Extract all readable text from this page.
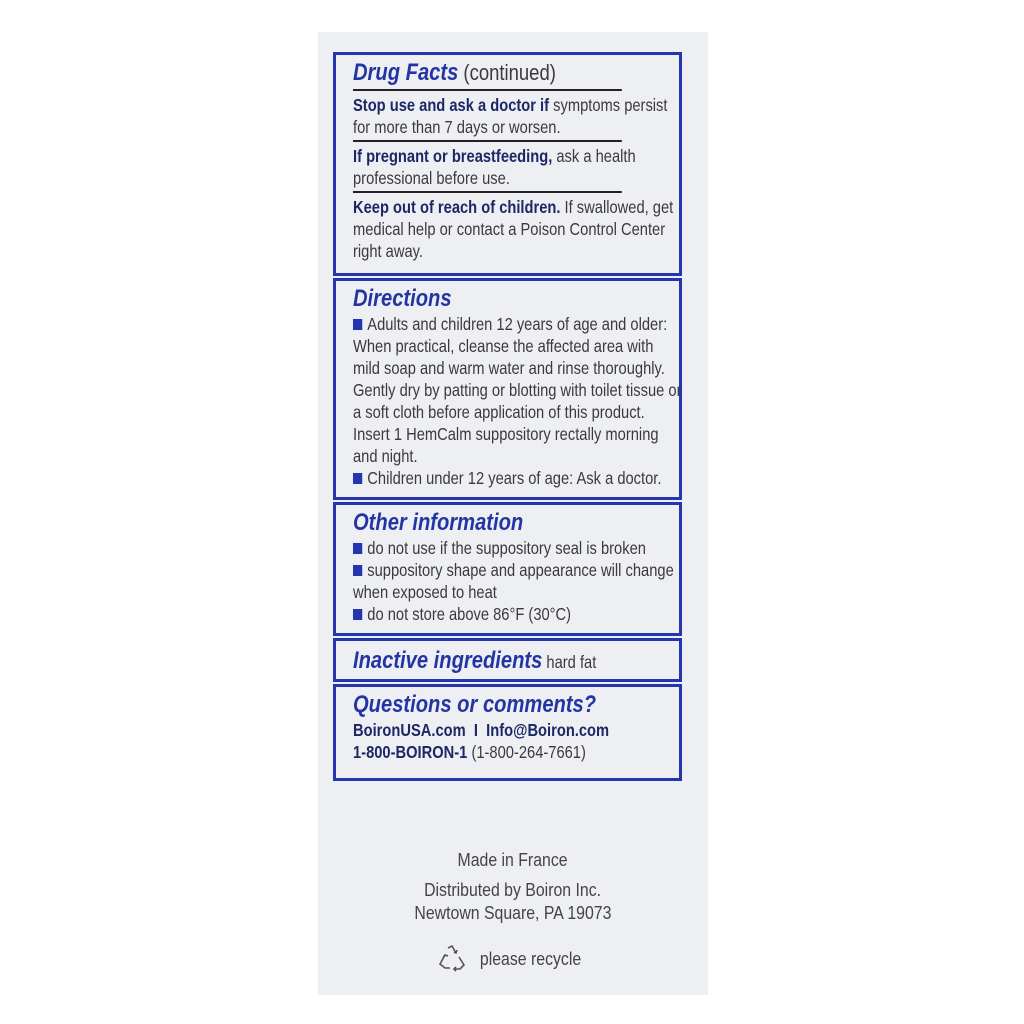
Drug Facts (continued)
Stop use and ask a doctor if symptoms persist for more than 7 days or worsen.
If pregnant or breastfeeding, ask a health professional before use.
Keep out of reach of children. If swallowed, get medical help or contact a Poison Control Center right away.
Directions
Adults and children 12 years of age and older: When practical, cleanse the affected area with mild soap and warm water and rinse thoroughly. Gently dry by patting or blotting with toilet tissue or a soft cloth before application of this product. Insert 1 HemCalm suppository rectally morning and night.
Children under 12 years of age: Ask a doctor.
Other information
do not use if the suppository seal is broken
suppository shape and appearance will change when exposed to heat
do not store above 86°F (30°C)
Inactive ingredients hard fat
Questions or comments?
BoironUSA.com I Info@Boiron.com
1-800-BOIRON-1 (1-800-264-7661)
Made in France
Distributed by Boiron Inc.
Newtown Square, PA 19073
please recycle
